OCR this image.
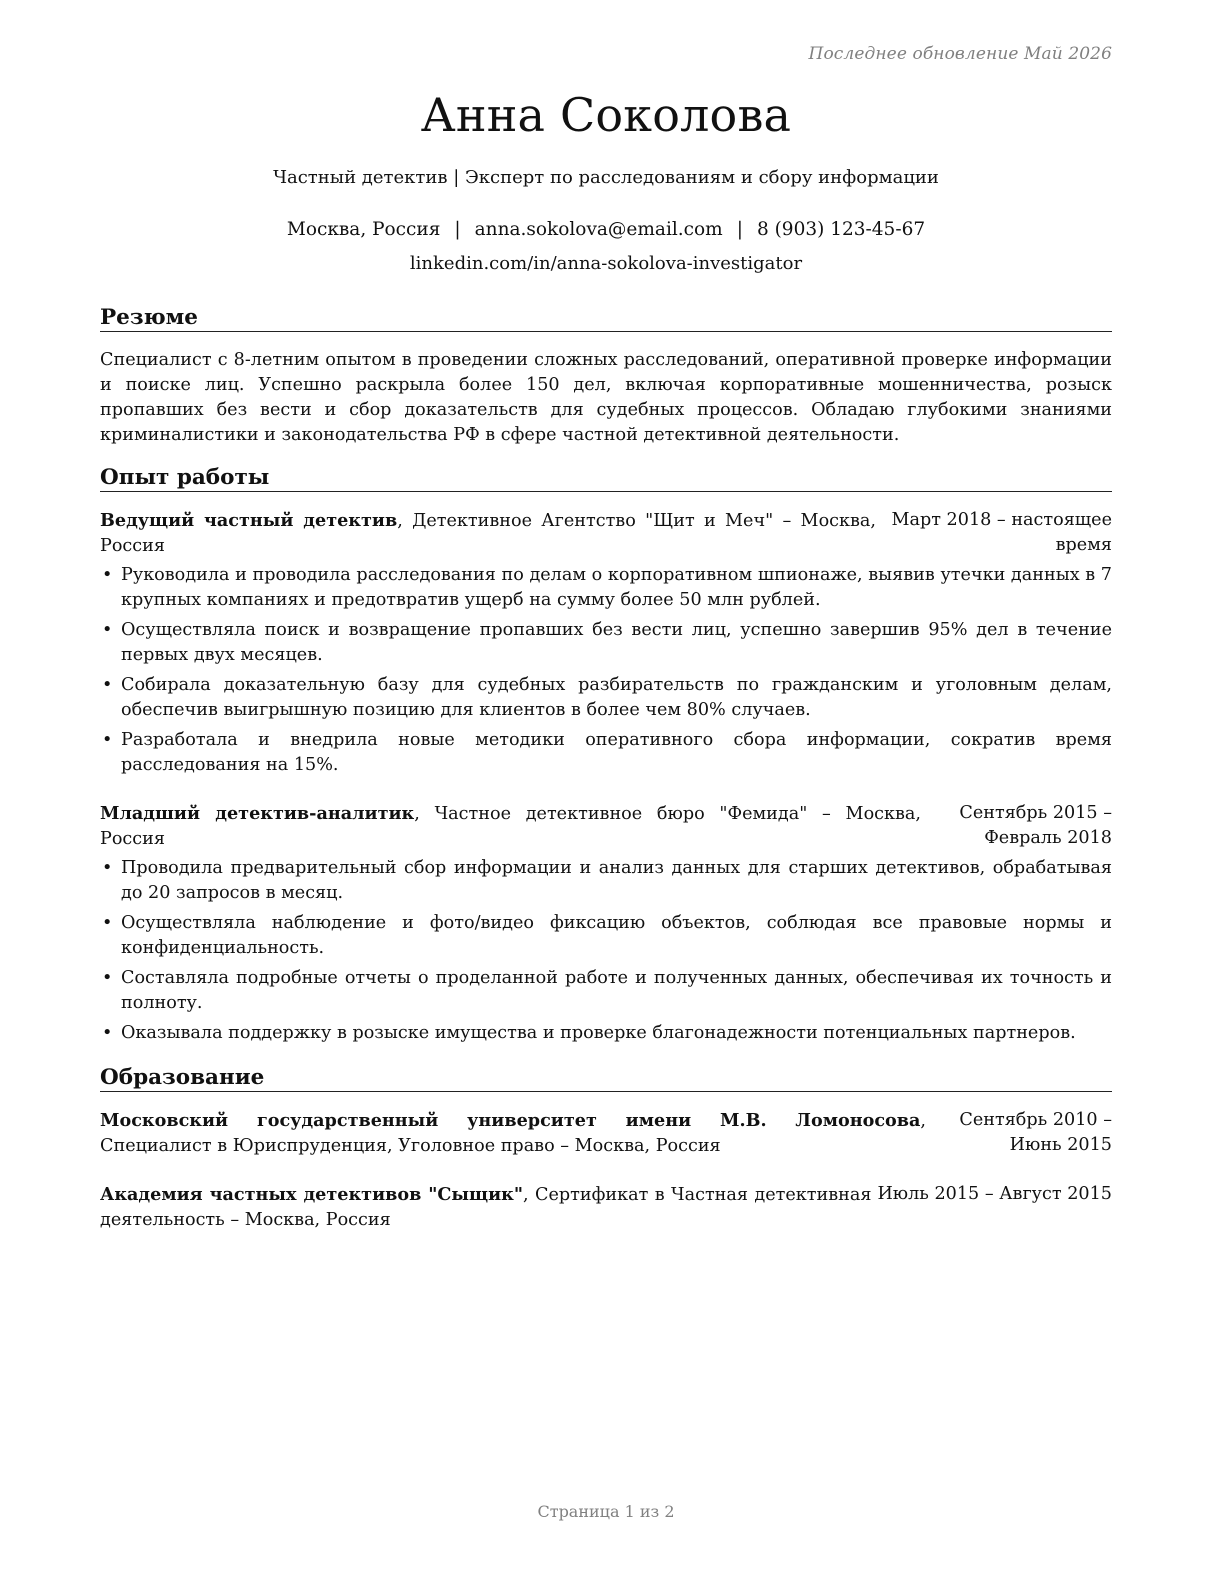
Последнее обновление Май 2026
Анна Соколова
Частный детектив | Эксперт по расследованиям и сбору информации
Москва, Россия | anna.sokolova@email.com | 8 (903) 123-45-67
linkedin.com/in/anna-sokolova-investigator
Резюме

Специалист с 8-летним опытом в проведении сложных расследований, оперативной проверке информации и поиске лиц. Успешно раскрыла более 150 дел, включая корпоративные мошенничества, розыск пропавших без вести и сбор доказательств для судебных процессов. Обладаю глубокими знаниями криминалистики и законодательства РФ в сфере частной детективной деятельности.

Опыт работы
Ведущий частный детектив, Детективное Агентство "Щит и Меч" – Москва, Россия
Март 2018 – настоящее время
• Руководила и проводила расследования по делам о корпоративном шпионаже, выявив утечки данных в 7 крупных компаниях и предотвратив ущерб на сумму более 50 млн рублей.
• Осуществляла поиск и возвращение пропавших без вести лиц, успешно завершив 95% дел в течение первых двух месяцев.
• Собирала доказательную базу для судебных разбирательств по гражданским и уголовным делам, обеспечив выигрышную позицию для клиентов в более чем 80% случаев.
• Разработала и внедрила новые методики оперативного сбора информации, сократив время расследования на 15%.
Младший детектив-аналитик, Частное детективное бюро "Фемида" – Москва, Россия
Сентябрь 2015 – Февраль 2018
• Проводила предварительный сбор информации и анализ данных для старших детективов, обрабатывая до 20 запросов в месяц.
• Осуществляла наблюдение и фото/видео фиксацию объектов, соблюдая все правовые нормы и конфиденциальность.
• Составляла подробные отчеты о проделанной работе и полученных данных, обеспечивая их точность и полноту.
• Оказывала поддержку в розыске имущества и проверке благонадежности потенциальных партнеров.
Образование
Московский государственный университет имени М.В. Ломоносова, Специалист в Юриспруденция, Уголовное право – Москва, Россия
Сентябрь 2010 – Июнь 2015
Академия частных детективов "Сыщик", Сертификат в Частная детективная деятельность – Москва, Россия
Июль 2015 – Август 2015
Страница 1 из 2
